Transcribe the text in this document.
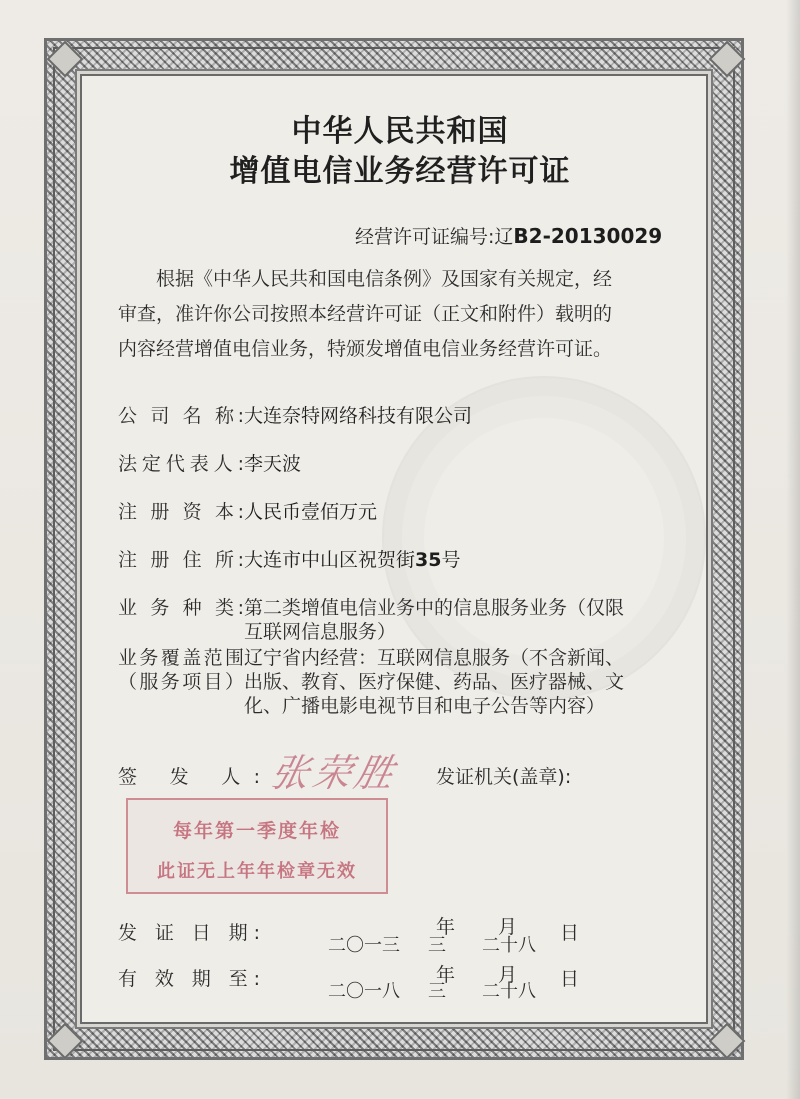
中华人民共和国
增值电信业务经营许可证
经营许可证编号:辽B2-20130029
根据《中华人民共和国电信条例》及国家有关规定，经
审查，准许你公司按照本经营许可证（正文和附件）载明的
内容经营增值电信业务，特颁发增值电信业务经营许可证。
公 司 名 称:大连奈特网络科技有限公司
法定代表人:李天波
注 册 资 本:人民币壹佰万元
注 册 住 所:大连市中山区祝贺街35号
业 务 种 类: 第二类增值电信业务中的信息服务业务（仅限
互联网信息服务）
业务覆盖范围
（服务项目）
辽宁省内经营：互联网信息服务（不含新闻、
出版、教育、医疗保健、药品、医疗器械、文
化、广播电影电视节目和电子公告等内容）
签 发 人: 张荣胜 发证机关(盖章):
每年第一季度年检
此证无上年年检章无效
发 证 日 期:	年 月 日
二〇一三 三 二十八
有 效 期 至:	年 月 日
二〇一八 三 二十八
